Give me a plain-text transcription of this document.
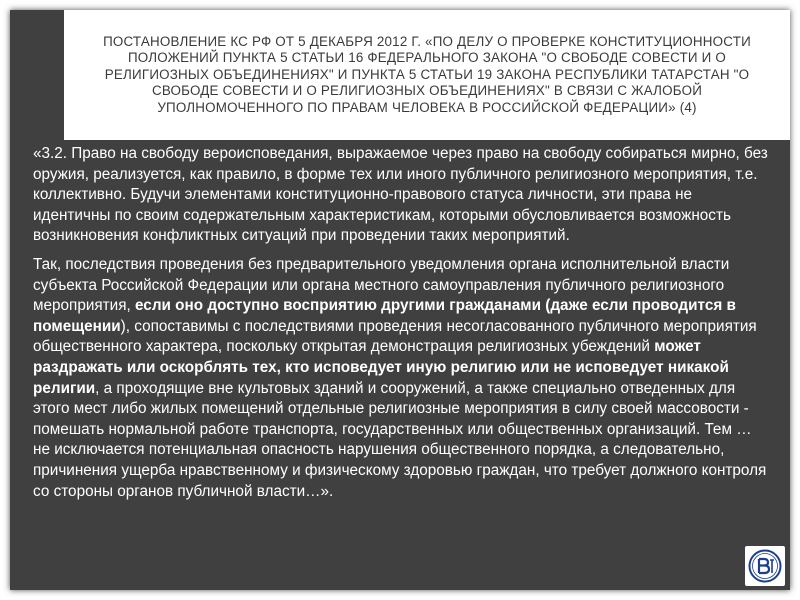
ПОСТАНОВЛЕНИЕ КС РФ ОТ 5 ДЕКАБРЯ 2012 Г. «ПО ДЕЛУ О ПРОВЕРКЕ КОНСТИТУЦИОННОСТИ ПОЛОЖЕНИЙ ПУНКТА 5 СТАТЬИ 16 ФЕДЕРАЛЬНОГО ЗАКОНА "О СВОБОДЕ СОВЕСТИ И О РЕЛИГИОЗНЫХ ОБЪЕДИНЕНИЯХ" И ПУНКТА 5 СТАТЬИ 19 ЗАКОНА РЕСПУБЛИКИ ТАТАРСТАН "О СВОБОДЕ СОВЕСТИ И О РЕЛИГИОЗНЫХ ОБЪЕДИНЕНИЯХ" В СВЯЗИ С ЖАЛОБОЙ УПОЛНОМОЧЕННОГО ПО ПРАВАМ ЧЕЛОВЕКА В РОССИЙСКОЙ ФЕДЕРАЦИИ» (4)

«3.2. Право на свободу вероисповедания, выражаемое через право на свободу собираться мирно, без оружия, реализуется, как правило, в форме тех или иного публичного религиозного мероприятия, т.е. коллективно. Будучи элементами конституционно-правового статуса личности, эти права не идентичны по своим содержательным характеристикам, которыми обусловливается возможность возникновения конфликтных ситуаций при проведении таких мероприятий.

Так, последствия проведения без предварительного уведомления органа исполнительной власти субъекта Российской Федерации или органа местного самоуправления публичного религиозного мероприятия, если оно доступно восприятию другими гражданами (даже если проводится в помещении), сопоставимы с последствиями проведения несогласованного публичного мероприятия общественного характера, поскольку открытая демонстрация религиозных убеждений может раздражать или оскорблять тех, кто исповедует иную религию или не исповедует никакой религии, а проходящие вне культовых зданий и сооружений, а также специально отведенных для этого мест либо жилых помещений отдельные религиозные мероприятия в силу своей массовости - помешать нормальной работе транспорта, государственных или общественных организаций. Тем … не исключается потенциальная опасность нарушения общественного порядка, а следовательно, причинения ущерба нравственному и физическому здоровью граждан, что требует должного контроля со стороны органов публичной власти…».
